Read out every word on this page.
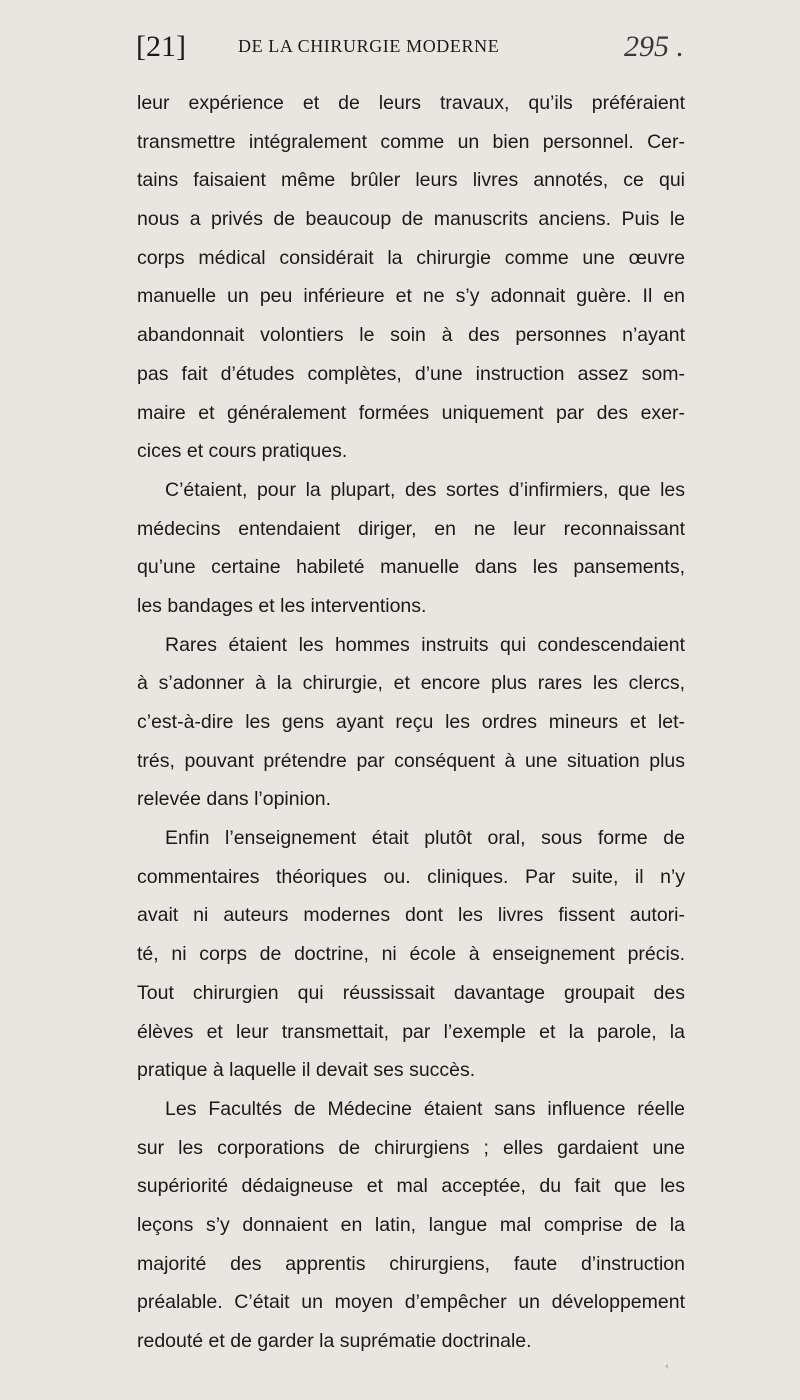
[21]	DE LA CHIRURGIE MODERNE	295 .
leur expérience et de leurs travaux, qu’ils préféraient
transmettre intégralement comme un bien personnel. Cer-
tains faisaient même brûler leurs livres annotés, ce qui
nous a privés de beaucoup de manuscrits anciens. Puis le
corps médical considérait la chirurgie comme une œuvre
manuelle un peu inférieure et ne s’y adonnait guère. Il en
abandonnait volontiers le soin à des personnes n’ayant
pas fait d’études complètes, d’une instruction assez som-
maire et généralement formées uniquement par des exer-
cices et cours pratiques.
C’étaient, pour la plupart, des sortes d’infirmiers, que les
médecins entendaient diriger, en ne leur reconnaissant
qu’une certaine habileté manuelle dans les pansements,
les bandages et les interventions.
Rares étaient les hommes instruits qui condescendaient
à s’adonner à la chirurgie, et encore plus rares les clercs,
c’est-à-dire les gens ayant reçu les ordres mineurs et let-
trés, pouvant prétendre par conséquent à une situation plus
relevée dans l’opinion.
Enfin l’enseignement était plutôt oral, sous forme de
commentaires théoriques ou. cliniques. Par suite, il n’y
avait ni auteurs modernes dont les livres fissent autori-
té, ni corps de doctrine, ni école à enseignement précis.
Tout chirurgien qui réussissait davantage groupait des
élèves et leur transmettait, par l’exemple et la parole, la
pratique à laquelle il devait ses succès.
Les Facultés de Médecine étaient sans influence réelle
sur les corporations de chirurgiens ; elles gardaient une
supériorité dédaigneuse et mal acceptée, du fait que les
leçons s’y donnaient en latin, langue mal comprise de la
majorité des apprentis chirurgiens, faute d’instruction
préalable. C’était un moyen d’empêcher un développement
redouté et de garder la suprématie doctrinale.
‹
